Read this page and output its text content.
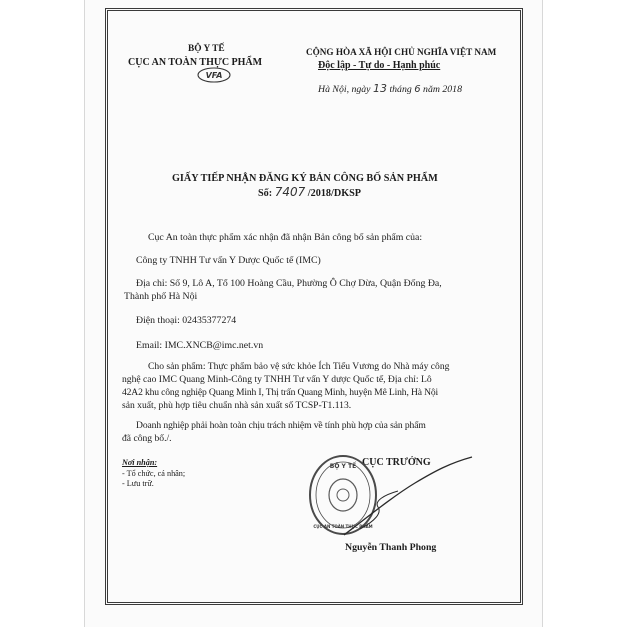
BỘ Y TẾ
CỤC AN TOÀN THỰC PHẨM
VFA
CỘNG HÒA XÃ HỘI CHỦ NGHĨA VIỆT NAM
Độc lập - Tự do - Hạnh phúc
Hà Nội, ngày 13 tháng 6 năm 2018
GIẤY TIẾP NHẬN ĐĂNG KÝ BẢN CÔNG BỐ SẢN PHẨM
Số: 7407 /2018/DKSP
Cục An toàn thực phẩm xác nhận đã nhận Bản công bố sản phẩm của:
Công ty TNHH Tư vấn Y Dược Quốc tế (IMC)
Địa chỉ: Số 9, Lô A, Tổ 100 Hoàng Cầu, Phường Ô Chợ Dừa, Quận Đống Đa,
Thành phố Hà Nội
Điện thoại: 02435377274
Email: IMC.XNCB@imc.net.vn
Cho sản phẩm: Thực phẩm bảo vệ sức khỏe Ích Tiểu Vương do Nhà máy công
nghệ cao IMC Quang Minh-Công ty TNHH Tư vấn Y dược Quốc tế, Địa chỉ: Lô
42A2 khu công nghiệp Quang Minh I, Thị trấn Quang Minh, huyện Mê Linh, Hà Nội
sản xuất, phù hợp tiêu chuẩn nhà sản xuất số TCSP-T1.113.
Doanh nghiệp phải hoàn toàn chịu trách nhiệm về tính phù hợp của sản phẩm
đã công bố./.
Nơi nhận:
- Tổ chức, cá nhân;
- Lưu trữ.
CỤC TRƯỞNG
BỘ Y TẾ
CỤC AN TOÀN THỰC PHẨM
Nguyễn Thanh Phong
